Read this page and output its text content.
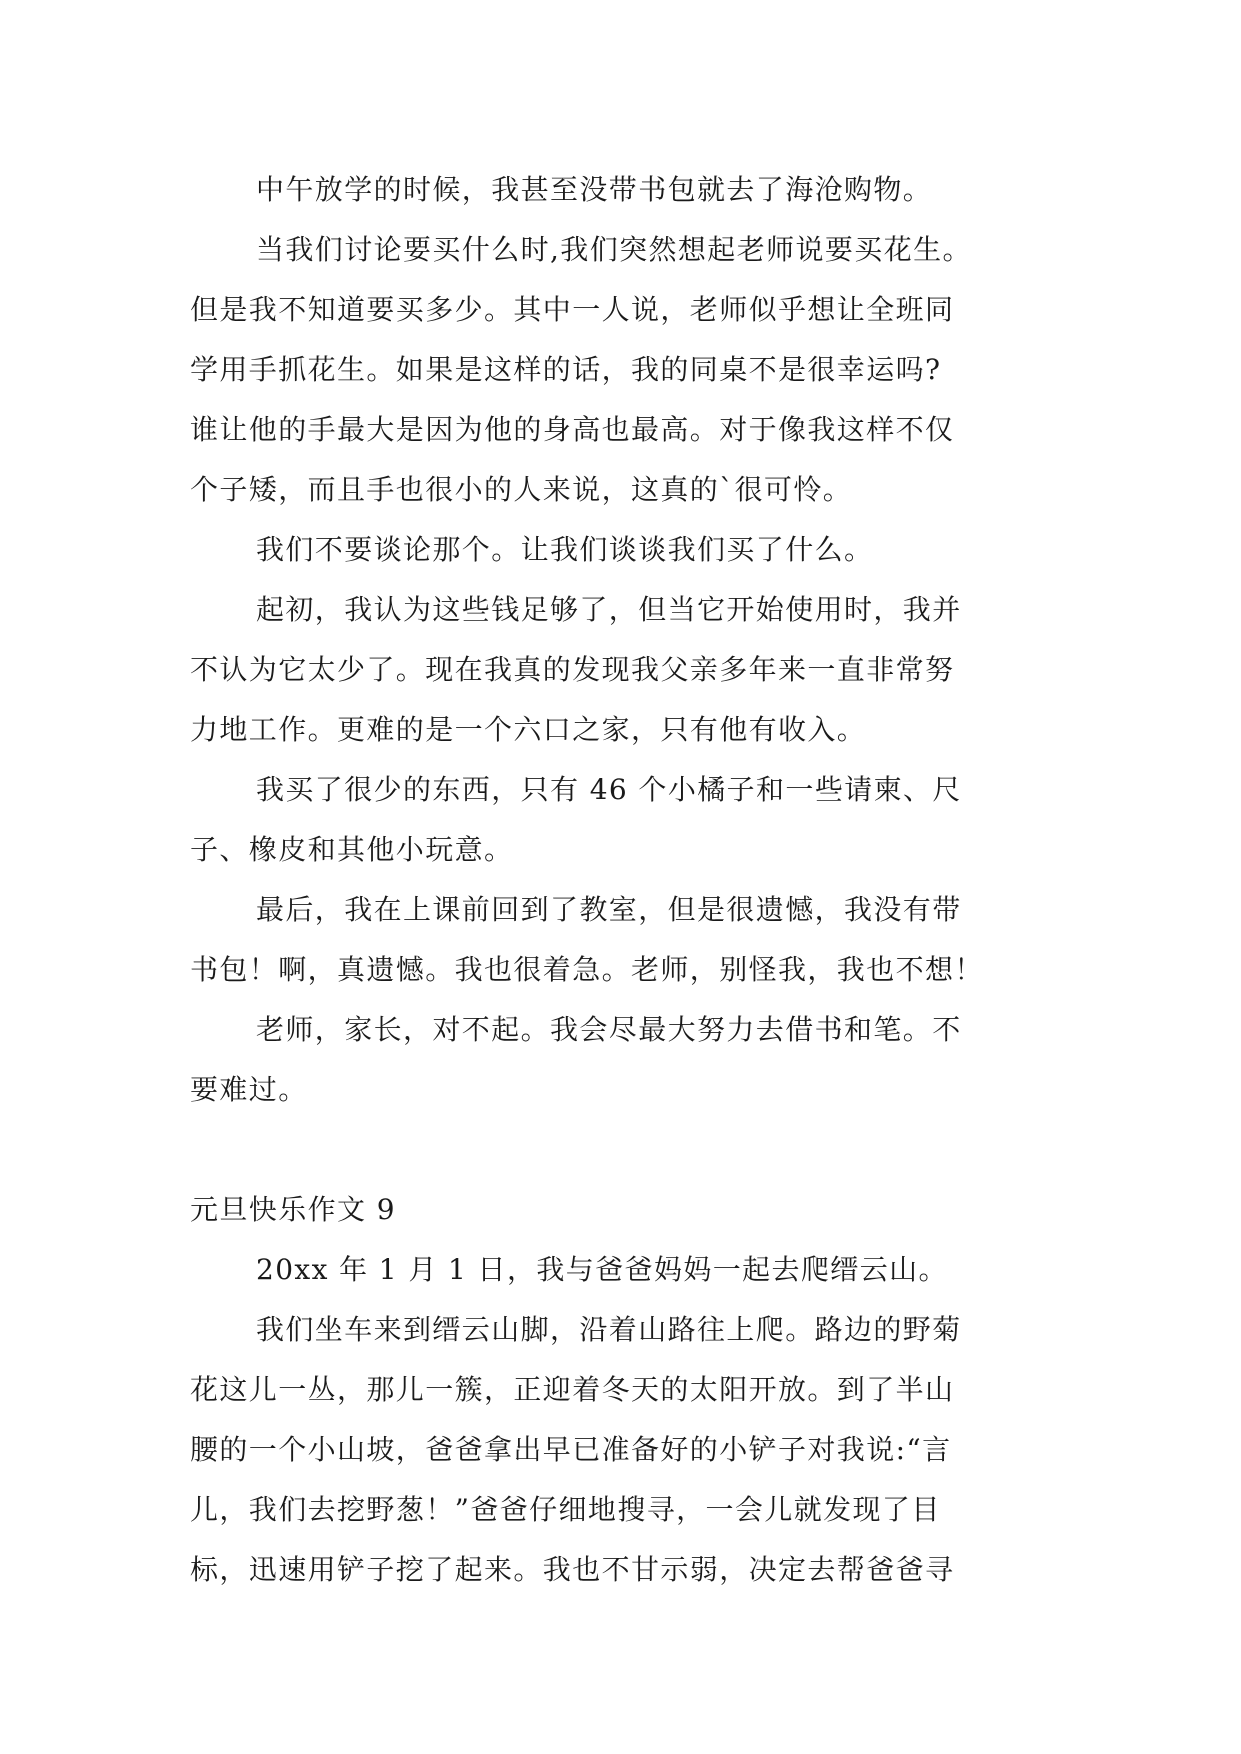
中午放学的时候，我甚至没带书包就去了海沧购物。
当我们讨论要买什么时,我们突然想起老师说要买花生。
但是我不知道要买多少。其中一人说，老师似乎想让全班同
学用手抓花生。如果是这样的话，我的同桌不是很幸运吗?
谁让他的手最大是因为他的身高也最高。对于像我这样不仅
个子矮，而且手也很小的人来说，这真的`很可怜。
我们不要谈论那个。让我们谈谈我们买了什么。
起初，我认为这些钱足够了，但当它开始使用时，我并
不认为它太少了。现在我真的发现我父亲多年来一直非常努
力地工作。更难的是一个六口之家，只有他有收入。
我买了很少的东西，只有 46 个小橘子和一些请柬、尺
子、橡皮和其他小玩意。
最后，我在上课前回到了教室，但是很遗憾，我没有带
书包！啊，真遗憾。我也很着急。老师，别怪我，我也不想！
老师，家长，对不起。我会尽最大努力去借书和笔。不
要难过。
元旦快乐作文 9
20xx 年 1 月 1 日，我与爸爸妈妈一起去爬缙云山。
我们坐车来到缙云山脚，沿着山路往上爬。路边的野菊
花这儿一丛，那儿一簇，正迎着冬天的太阳开放。到了半山
腰的一个小山坡，爸爸拿出早已准备好的小铲子对我说:“言
儿，我们去挖野葱！”爸爸仔细地搜寻，一会儿就发现了目
标，迅速用铲子挖了起来。我也不甘示弱，决定去帮爸爸寻
